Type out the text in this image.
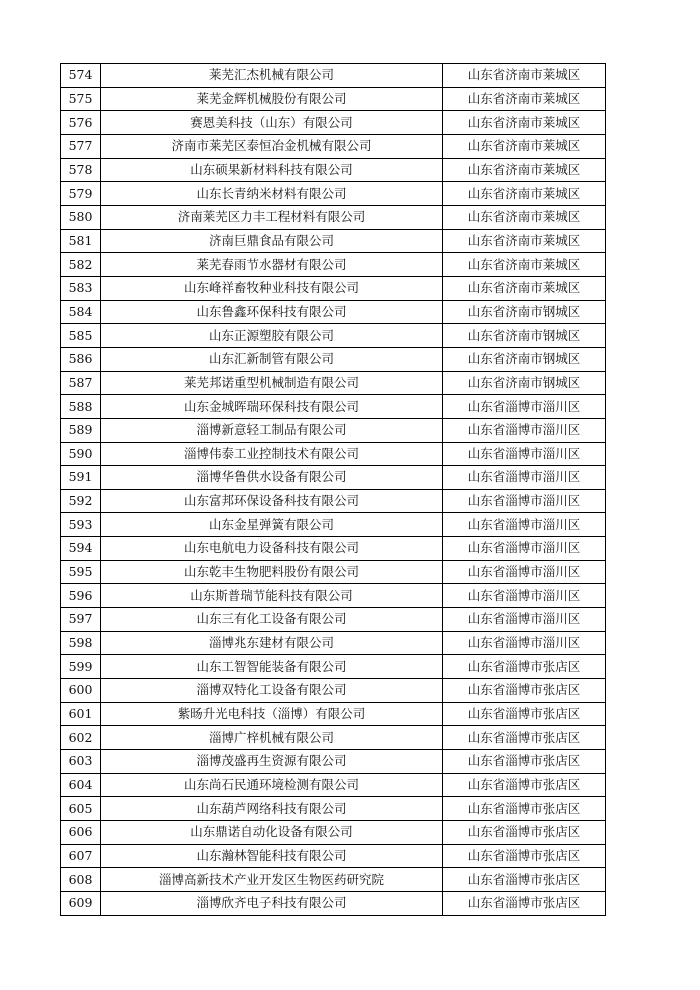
574	莱芜汇杰机械有限公司	山东省济南市莱城区
575	莱芜金辉机械股份有限公司	山东省济南市莱城区
576	赛恩美科技（山东）有限公司	山东省济南市莱城区
577	济南市莱芜区泰恒冶金机械有限公司	山东省济南市莱城区
578	山东硕果新材料科技有限公司	山东省济南市莱城区
579	山东长青纳米材料有限公司	山东省济南市莱城区
580	济南莱芜区力丰工程材料有限公司	山东省济南市莱城区
581	济南巨鼎食品有限公司	山东省济南市莱城区
582	莱芜春雨节水器材有限公司	山东省济南市莱城区
583	山东峰祥畜牧种业科技有限公司	山东省济南市莱城区
584	山东鲁鑫环保科技有限公司	山东省济南市钢城区
585	山东正源塑胶有限公司	山东省济南市钢城区
586	山东汇新制管有限公司	山东省济南市钢城区
587	莱芜邦诺重型机械制造有限公司	山东省济南市钢城区
588	山东金城晖瑞环保科技有限公司	山东省淄博市淄川区
589	淄博新意轻工制品有限公司	山东省淄博市淄川区
590	淄博伟泰工业控制技术有限公司	山东省淄博市淄川区
591	淄博华鲁供水设备有限公司	山东省淄博市淄川区
592	山东富邦环保设备科技有限公司	山东省淄博市淄川区
593	山东金星弹簧有限公司	山东省淄博市淄川区
594	山东电航电力设备科技有限公司	山东省淄博市淄川区
595	山东乾丰生物肥料股份有限公司	山东省淄博市淄川区
596	山东斯普瑞节能科技有限公司	山东省淄博市淄川区
597	山东三有化工设备有限公司	山东省淄博市淄川区
598	淄博兆东建材有限公司	山东省淄博市淄川区
599	山东工智智能装备有限公司	山东省淄博市张店区
600	淄博双特化工设备有限公司	山东省淄博市张店区
601	紫旸升光电科技（淄博）有限公司	山东省淄博市张店区
602	淄博广梓机械有限公司	山东省淄博市张店区
603	淄博茂盛再生资源有限公司	山东省淄博市张店区
604	山东尚石民通环境检测有限公司	山东省淄博市张店区
605	山东葫芦网络科技有限公司	山东省淄博市张店区
606	山东鼎诺自动化设备有限公司	山东省淄博市张店区
607	山东瀚林智能科技有限公司	山东省淄博市张店区
608	淄博高新技术产业开发区生物医药研究院	山东省淄博市张店区
609	淄博欣齐电子科技有限公司	山东省淄博市张店区
